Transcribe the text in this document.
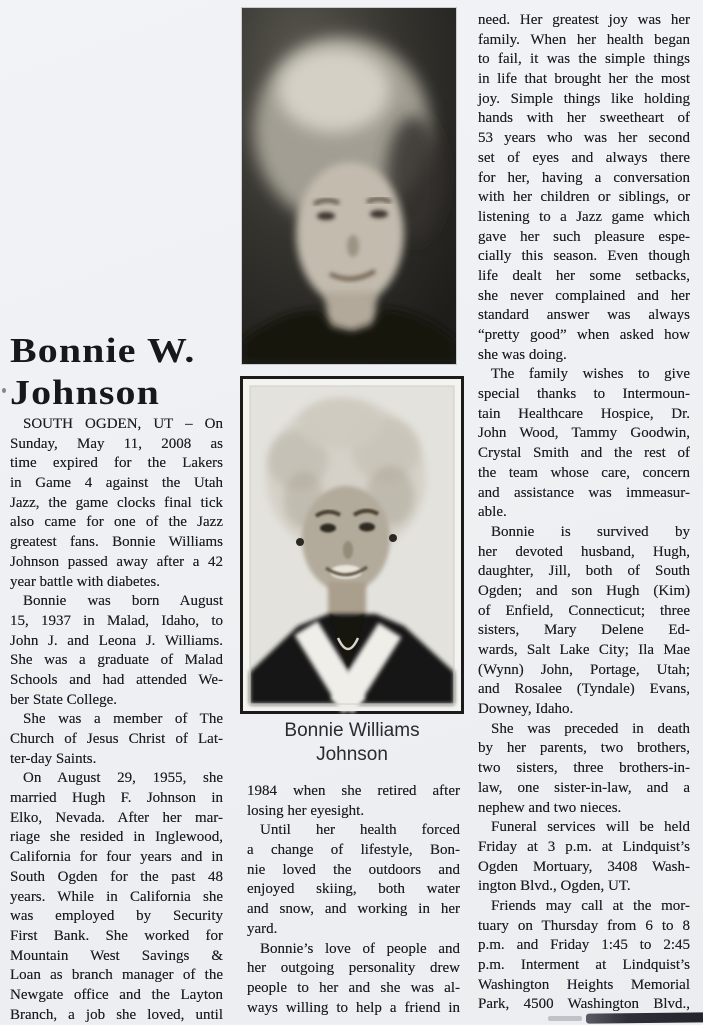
Bonnie W.
Johnson
Bonnie Williams
Johnson
SOUTH OGDEN, UT – On
Sunday, May 11, 2008 as
time expired for the Lakers
in Game 4 against the Utah
Jazz, the game clocks final tick
also came for one of the Jazz
greatest fans. Bonnie Williams
Johnson passed away after a 42
year battle with diabetes.
Bonnie was born August
15, 1937 in Malad, Idaho, to
John J. and Leona J. Williams.
She was a graduate of Malad
Schools and had attended We-
ber State College.
She was a member of The
Church of Jesus Christ of Lat-
ter-day Saints.
On August 29, 1955, she
married Hugh F. Johnson in
Elko, Nevada. After her mar-
riage she resided in Inglewood,
California for four years and in
South Ogden for the past 48
years. While in California she
was employed by Security
First Bank. She worked for
Mountain West Savings &
Loan as branch manager of the
Newgate office and the Layton
Branch, a job she loved, until
1984 when she retired after
losing her eyesight.
Until her health forced
a change of lifestyle, Bon-
nie loved the outdoors and
enjoyed skiing, both water
and snow, and working in her
yard.
Bonnie’s love of people and
her outgoing personality drew
people to her and she was al-
ways willing to help a friend in
need. Her greatest joy was her
family. When her health began
to fail, it was the simple things
in life that brought her the most
joy. Simple things like holding
hands with her sweetheart of
53 years who was her second
set of eyes and always there
for her, having a conversation
with her children or siblings, or
listening to a Jazz game which
gave her such pleasure espe-
cially this season. Even though
life dealt her some setbacks,
she never complained and her
standard answer was always
“pretty good” when asked how
she was doing.
The family wishes to give
special thanks to Intermoun-
tain Healthcare Hospice, Dr.
John Wood, Tammy Goodwin,
Crystal Smith and the rest of
the team whose care, concern
and assistance was immeasur-
able.
Bonnie is survived by
her devoted husband, Hugh,
daughter, Jill, both of South
Ogden; and son Hugh (Kim)
of Enfield, Connecticut; three
sisters, Mary Delene Ed-
wards, Salt Lake City; Ila Mae
(Wynn) John, Portage, Utah;
and Rosalee (Tyndale) Evans,
Downey, Idaho.
She was preceded in death
by her parents, two brothers,
two sisters, three brothers-in-
law, one sister-in-law, and a
nephew and two nieces.
Funeral services will be held
Friday at 3 p.m. at Lindquist’s
Ogden Mortuary, 3408 Wash-
ington Blvd., Ogden, UT.
Friends may call at the mor-
tuary on Thursday from 6 to 8
p.m. and Friday 1:45 to 2:45
p.m. Interment at Lindquist’s
Washington Heights Memorial
Park, 4500 Washington Blvd.,
